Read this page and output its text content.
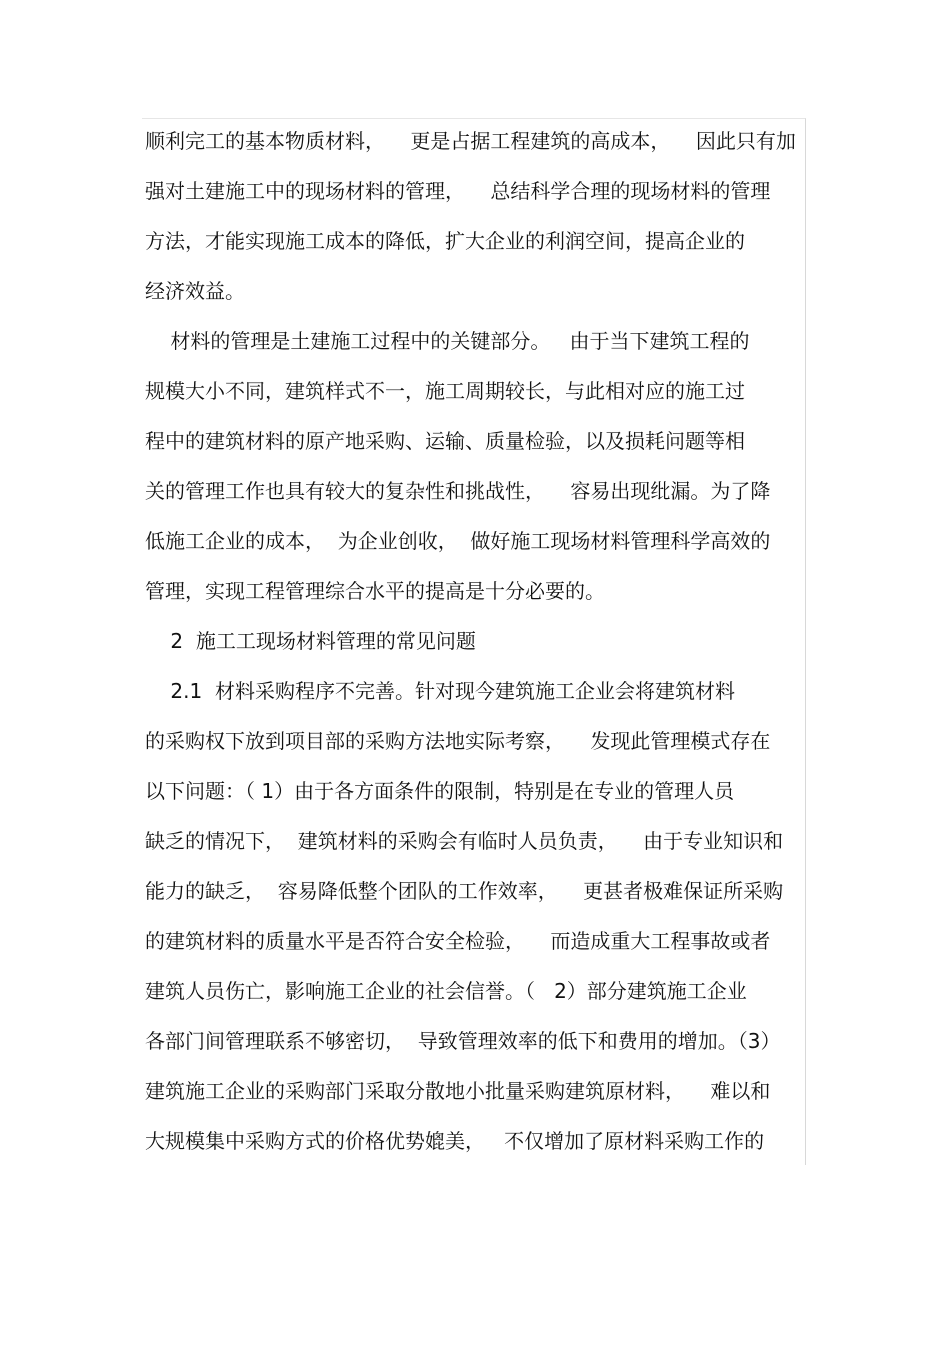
顺利完工的基本物质材料，    更是占据工程建筑的高成本，    因此只有加
强对土建施工中的现场材料的管理，    总结科学合理的现场材料的管理
方法，才能实现施工成本的降低，扩大企业的利润空间，提高企业的
经济效益。
材料的管理是土建施工过程中的关键部分。   由于当下建筑工程的
规模大小不同，建筑样式不一，施工周期较长，与此相对应的施工过
程中的建筑材料的原产地采购、运输、质量检验，以及损耗问题等相
关的管理工作也具有较大的复杂性和挑战性，    容易出现纰漏。为了降
低施工企业的成本，  为企业创收，  做好施工现场材料管理科学高效的
管理，实现工程管理综合水平的提高是十分必要的。
2  施工工现场材料管理的常见问题
2.1  材料采购程序不完善。针对现今建筑施工企业会将建筑材料
的采购权下放到项目部的采购方法地实际考察，    发现此管理模式存在
以下问题：（ 1）由于各方面条件的限制，特别是在专业的管理人员
缺乏的情况下，  建筑材料的采购会有临时人员负责，    由于专业知识和
能力的缺乏，  容易降低整个团队的工作效率，    更甚者极难保证所采购
的建筑材料的质量水平是否符合安全检验，    而造成重大工程事故或者
建筑人员伤亡，影响施工企业的社会信誉。（   2）部分建筑施工企业
各部门间管理联系不够密切，  导致管理效率的低下和费用的增加。（3）
建筑施工企业的采购部门采取分散地小批量采购建筑原材料，    难以和
大规模集中采购方式的价格优势媲美，   不仅增加了原材料采购工作的
